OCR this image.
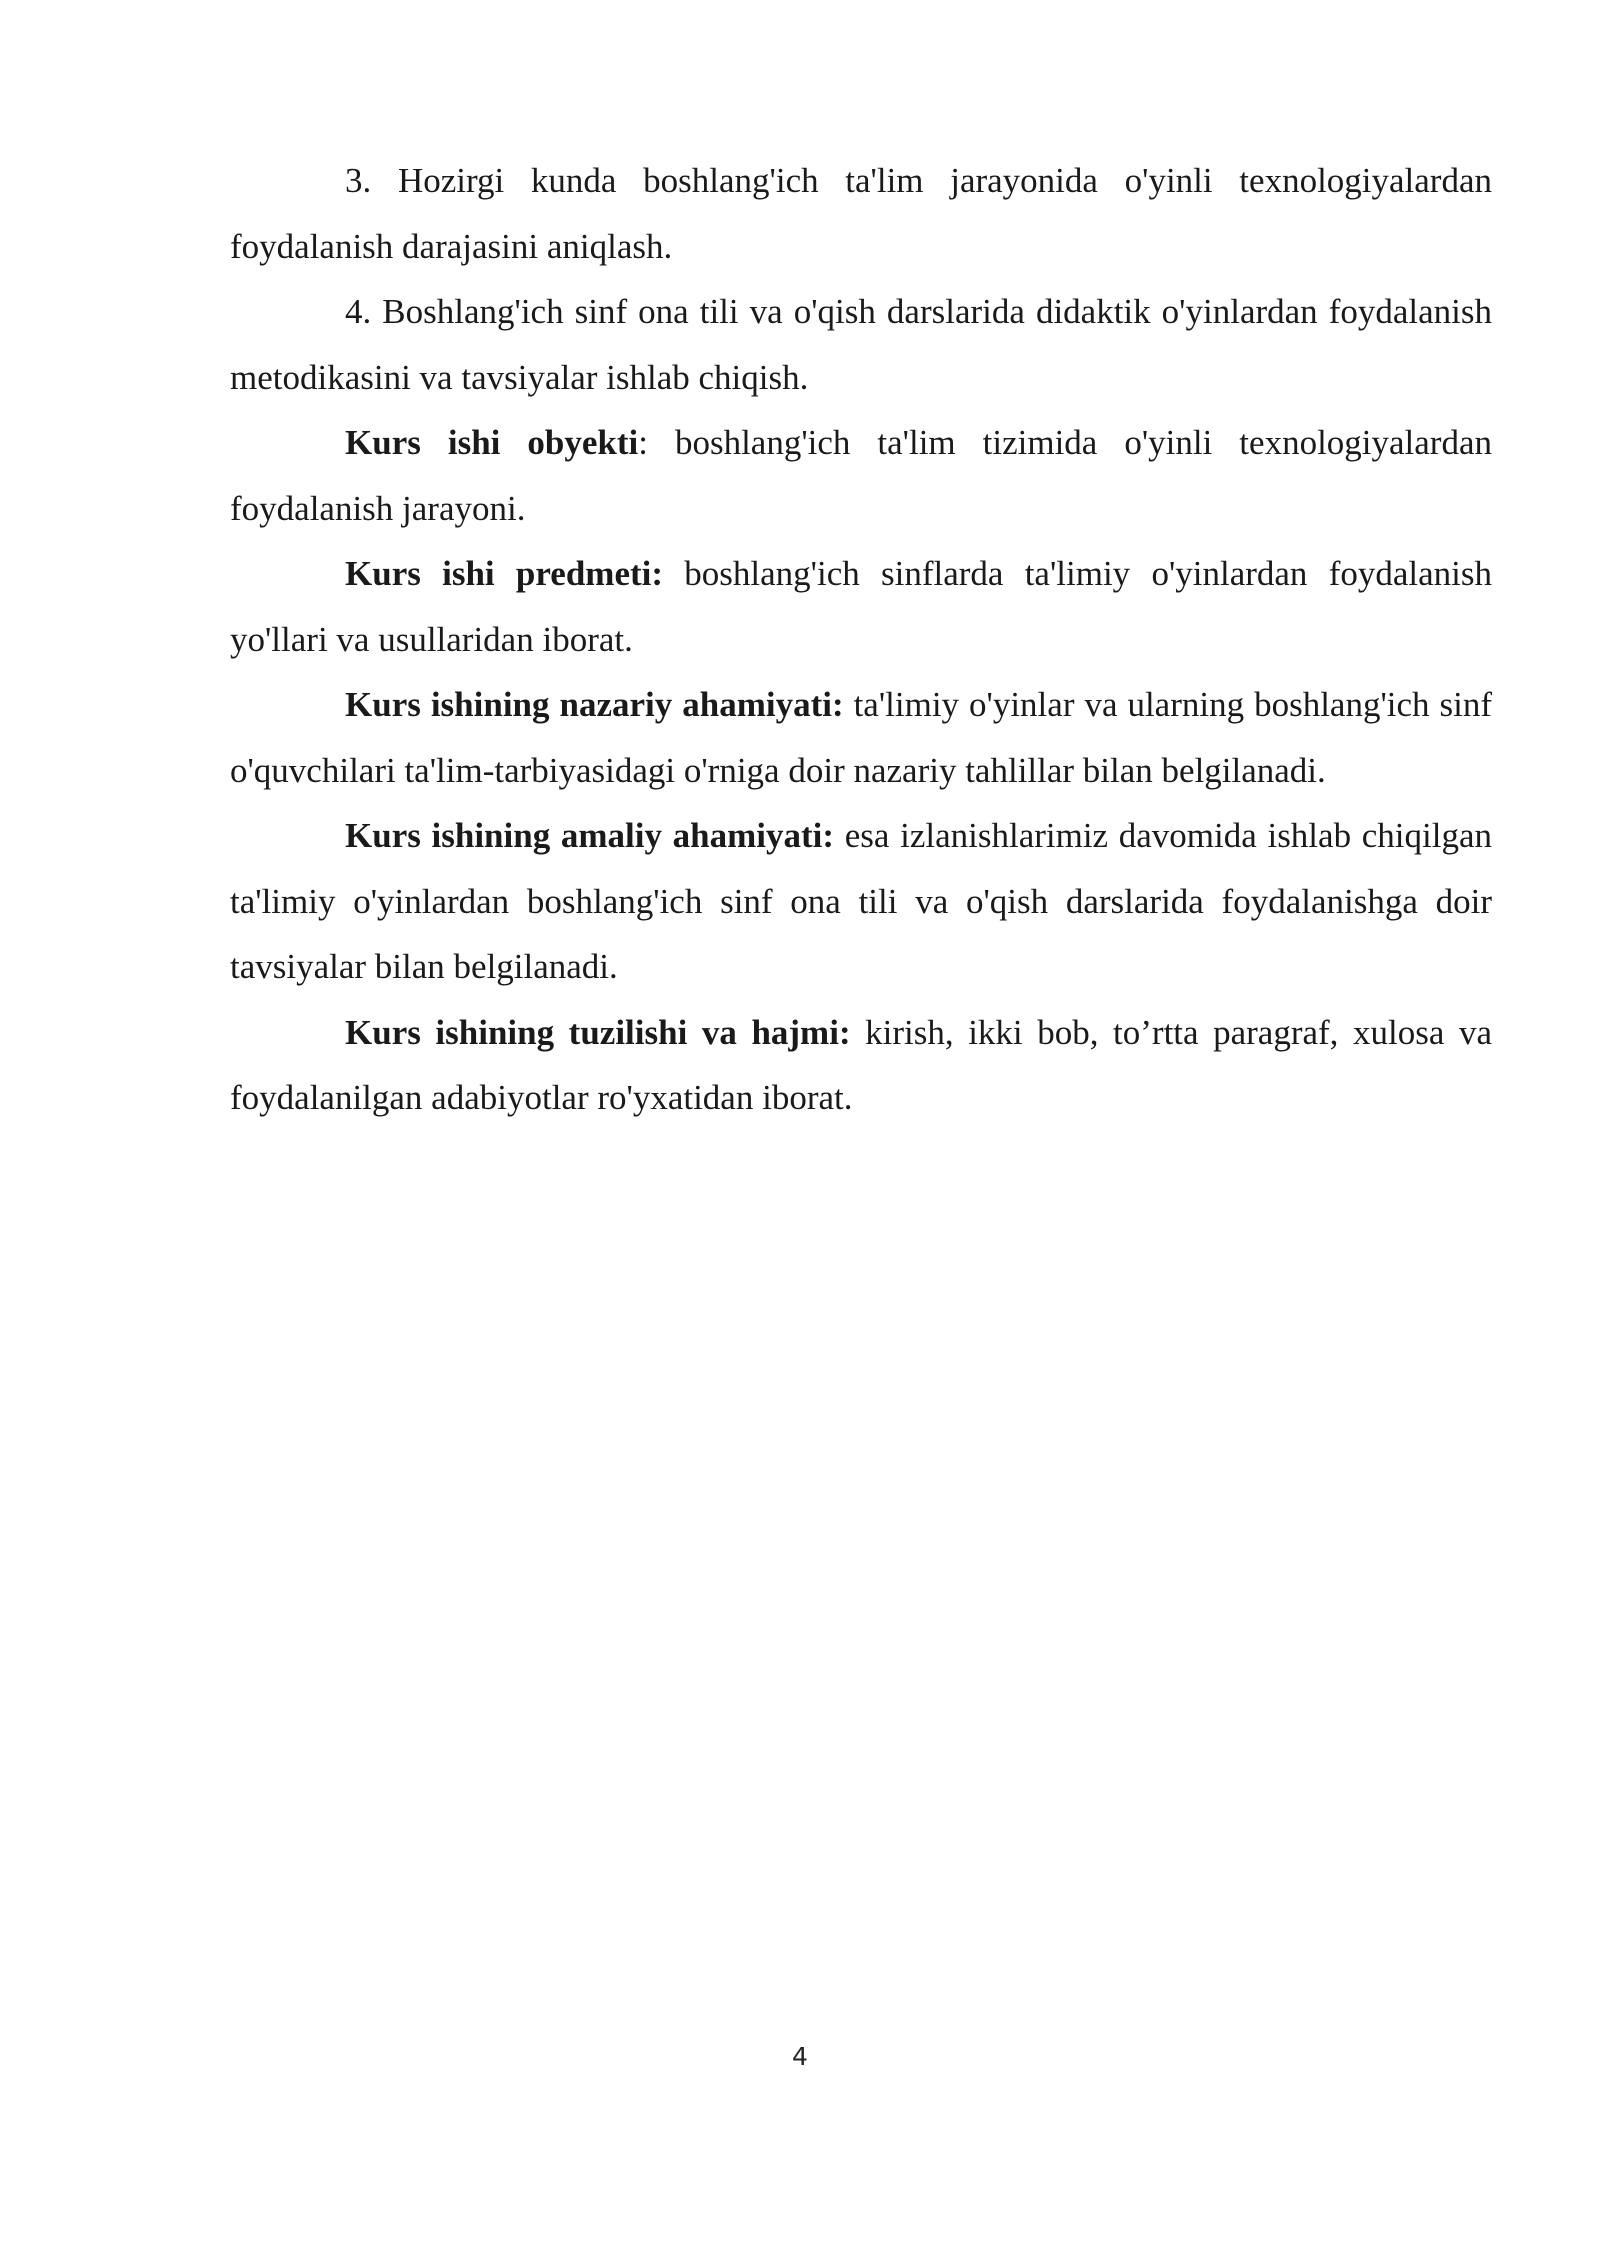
3. Hozirgi kunda boshlang'ich ta'lim jarayonida o'yinli texnologiyalardan foydalanish darajasini aniqlash.

4. Boshlang'ich sinf ona tili va o'qish darslarida didaktik o'yinlardan foydalanish metodikasini va tavsiyalar ishlab chiqish.

Kurs ishi obyekti: boshlang'ich ta'lim tizimida o'yinli texnologiyalardan foydalanish jarayoni.

Kurs ishi predmeti: boshlang'ich sinflarda ta'limiy o'yinlardan foydalanish yo'llari va usullaridan iborat.

Kurs ishining nazariy ahamiyati: ta'limiy o'yinlar va ularning boshlang'ich sinf o'quvchilari ta'lim-tarbiyasidagi o'rniga doir nazariy tahlillar bilan belgilanadi.

Kurs ishining amaliy ahamiyati: esa izlanishlarimiz davomida ishlab chiqilgan ta'limiy o'yinlardan boshlang'ich sinf ona tili va o'qish darslarida foydalanishga doir tavsiyalar bilan belgilanadi.

Kurs ishining tuzilishi va hajmi: kirish, ikki bob, to’rtta paragraf, xulosa va foydalanilgan adabiyotlar ro'yxatidan iborat.

4
